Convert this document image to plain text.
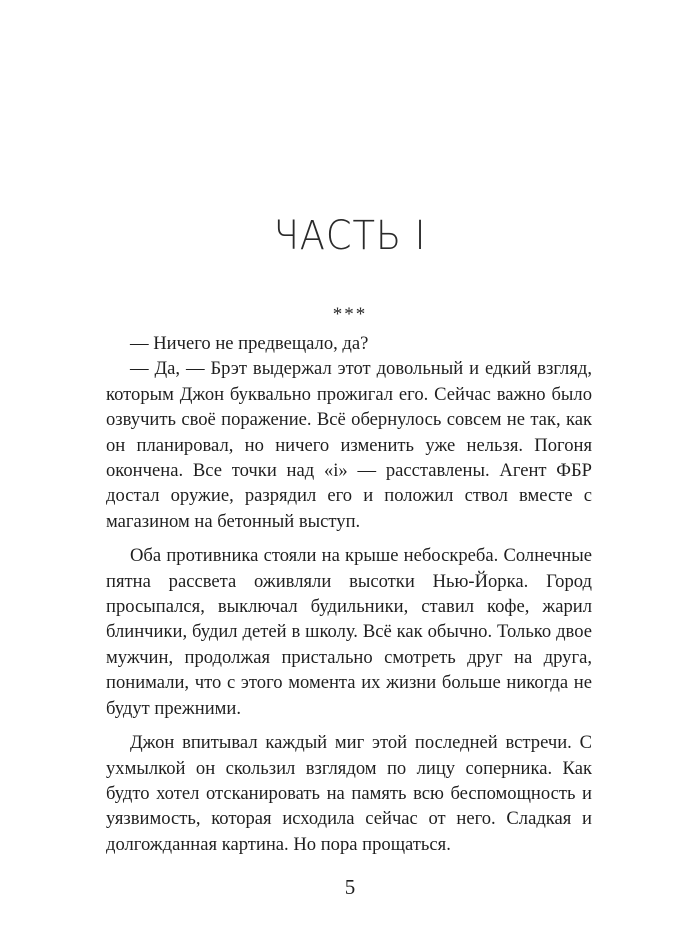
ЧАСТЬ I
***

— Ничего не предвещало, да?

— Да, — Брэт выдержал этот довольный и едкий взгляд, которым Джон буквально прожигал его. Сейчас важно было озвучить своё поражение. Всё обернулось совсем не так, как он планировал, но ничего изменить уже нельзя. Погоня окончена. Все точки над «i» — расставлены. Агент ФБР достал оружие, разрядил его и положил ствол вместе с магазином на бетонный выступ.

Оба противника стояли на крыше небоскреба. Солнечные пятна рассвета оживляли высотки Нью-Йорка. Город просыпался, выключал будильники, ставил кофе, жарил блинчики, будил детей в школу. Всё как обычно. Только двое мужчин, продолжая пристально смотреть друг на друга, понимали, что с этого момента их жизни больше никогда не будут прежними.

Джон впитывал каждый миг этой последней встречи. С ухмылкой он скользил взглядом по лицу соперника. Как будто хотел отсканировать на память всю беспомощность и уязвимость, которая исходила сейчас от него. Сладкая и долгожданная картина. Но пора прощаться.

5
